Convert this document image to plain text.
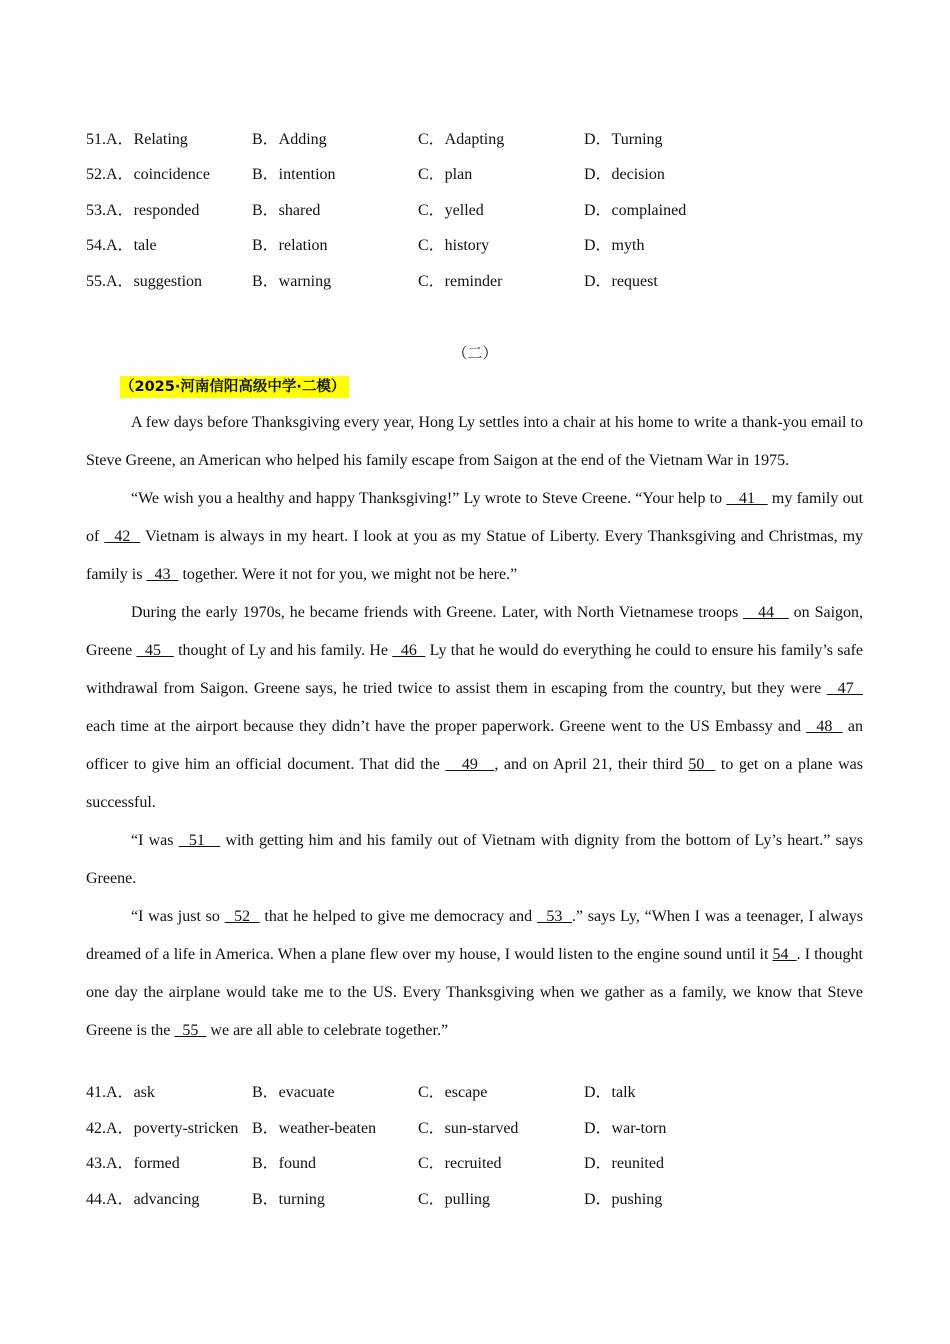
51.A．Relating	B．Adding	C．Adapting	D．Turning
52.A．coincidence	B．intention	C．plan	D．decision
53.A．responded	B．shared	C．yelled	D．complained
54.A．tale	B．relation	C．history	D．myth
55.A．suggestion	B．warning	C．reminder	D．request
（二）
（2025·河南信阳高级中学·二模）

A few days before Thanksgiving every year, Hong Ly settles into a chair at his home to write a thank-you email to Steve Greene, an American who helped his family escape from Saigon at the end of the Vietnam War in 1975.

“We wish you a healthy and happy Thanksgiving!” Ly wrote to Steve Creene. “Your help to    41    my family out of   42   Vietnam is always in my heart. I look at you as my Statue of Liberty. Every Thanksgiving and Christmas, my family is   43   together. Were it not for you, we might not be here.”

During the early 1970s, he became friends with Greene. Later, with North Vietnamese troops    44    on Saigon, Greene   45    thought of Ly and his family. He   46   Ly that he would do everything he could to ensure his family’s safe withdrawal from Saigon. Greene says, he tried twice to assist them in escaping from the country, but they were   47   each time at the airport because they didn’t have the proper paperwork. Greene went to the US Embassy and   48   an officer to give him an official document. That did the    49   , and on April 21, their third 50   to get on a plane was successful.

“I was   51    with getting him and his family out of Vietnam with dignity from the bottom of Ly’s heart.” says Greene.

“I was just so   52   that he helped to give me democracy and   53  .” says Ly, “When I was a teenager, I always dreamed of a life in America. When a plane flew over my house, I would listen to the engine sound until it 54  . I thought one day the airplane would take me to the US. Every Thanksgiving when we gather as a family, we know that Steve Greene is the   55   we are all able to celebrate together.”

41.A．ask	B．evacuate	C．escape	D．talk
42.A．poverty-stricken B．weather-beaten	C．sun-starved	D．war-torn
43.A．formed	B．found	C．recruited	D．reunited
44.A．advancing	B．turning	C．pulling	D．pushing
